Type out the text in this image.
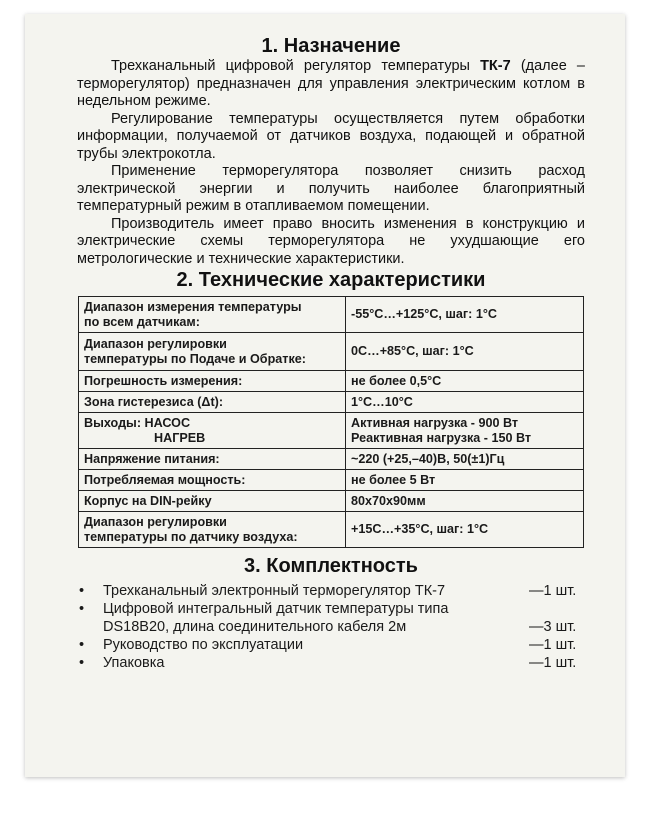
1. Назначение

Трехканальный цифровой регулятор температуры ТК-7 (далее – терморегулятор) предназначен для управления электрическим котлом в недельном режиме.

Регулирование температуры осуществляется путем обработки информации, получаемой от датчиков воздуха, подающей и обратной трубы электрокотла.

Применение терморегулятора позволяет снизить расход электрической энергии и получить наиболее благоприятный температурный режим в отапливаемом помещении.

Производитель имеет право вносить изменения в конструкцию и электрические схемы терморегулятора не ухудшающие его метрологические и технические характеристики.

2. Технические характеристики
Диапазон измерения температуры
по всем датчикам:	-55°С…+125°С, шаг: 1°С

Диапазон регулировки
температуры по Подаче и Обратке:	0С…+85°С, шаг: 1°С

Погрешность измерения:	не более 0,5°С

Зона гистерезиса (Δt):	1°С…10°С

Выходы: НАСОС
НАГРЕВ	Активная нагрузка - 900 Вт
Реактивная нагрузка - 150 Вт

Напряжение питания:	~220 (+25,–40)В, 50(±1)Гц

Потребляемая мощность:	не более 5 Вт

Корпус на DIN-рейку	80х70х90мм

Диапазон регулировки
температуры по датчику воздуха:	+15С…+35°С, шаг: 1°С
3. Комплектность
• Трехканальный электронный терморегулятор ТК-7	—1 шт.
• Цифровой интегральный датчик температуры типа
DS18B20, длина соединительного кабеля 2м	—3 шт.
• Руководство по эксплуатации	—1 шт.
• Упаковка	—1 шт.
